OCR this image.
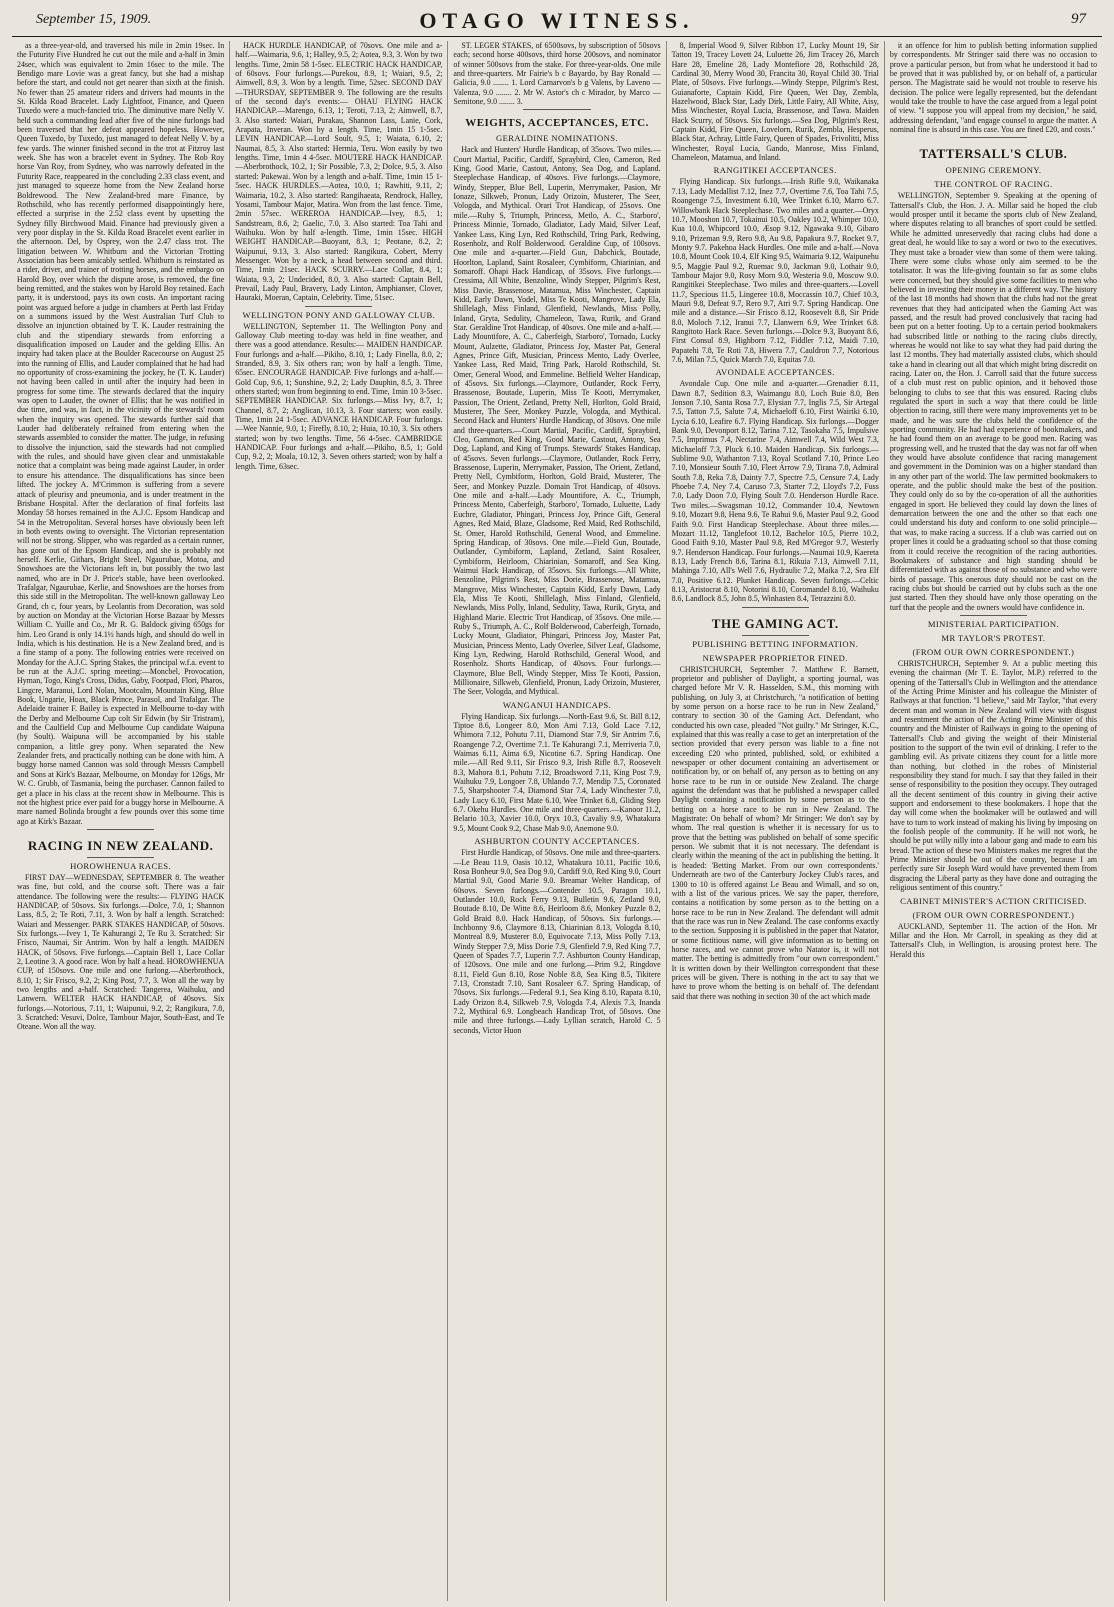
September 15, 1909.	OTAGO WITNESS.	97

as a three-year-old, and traversed his mile in 2min 19sec. In the Futurity Five Hundred he cut out the mile and a-half in 3min 24sec, which was equivalent to 2min 16sec to the mile. The Bendigo mare Lovie was a great fancy, but she had a mishap before the start, and could not get nearer than sixth at the finish. No fewer than 25 amateur riders and drivers had mounts in the St. Kilda Road Bracelet. Lady Lightfoot, Finance, and Queen Tuxedo were a much-fancied trio. The diminutive mare Nelly V. held such a commanding lead after five of the nine furlongs had been traversed that her defeat appeared hopeless. However, Queen Tuxedo, by Tuxedo, just managed to defeat Nelly V. by a few yards. The winner finished second in the trot at Fitzroy last week. She has won a bracelet event in Sydney. The Rob Roy horse Van Roy, from Sydney, who was narrowly defeated in the Futurity Race, reappeared in the concluding 2.33 class event, and just managed to squeeze home from the New Zealand horse Boldrewood. The New Zealand-bred mare Finance, by Rothschild, who has recently performed disappointingly here, effected a surprise in the 2.52 class event by upsetting the Sydney filly Birchwood Maid. Finance had previously given a very poor display in the St. Kilda Road Bracelet event earlier in the afternoon. Del, by Osprey, won the 2.47 class trot. The litigation between W. Whitburn and the Victorian Trotting Association has been amicably settled. Whitburn is reinstated as a rider, driver, and trainer of trotting horses, and the embargo on Harold Boy, over which the dispute arose, is removed, the fine being remitted, and the stakes won by Harold Boy retained. Each party, it is understood, pays its own costs. An important racing point was argued before a judge in chambers at Perth last Friday on a summons issued by the West Australian Turf Club to dissolve an injunction obtained by T. K. Lauder restraining the club and the stipendiary stewards from enforcing a disqualification imposed on Lauder and the gelding Ellis. An inquiry had taken place at the Boulder Racecourse on August 25 into the running of Ellis, and Lauder complained that he had had no opportunity of cross-examining the jockey, he (T. K. Lauder) not having been called in until after the inquiry had been in progress for some time. The stewards declared that the inquiry was open to Lauder, the owner of Ellis; that he was notified in due time, and was, in fact, in the vicinity of the stewards' room when the inquiry was opened. The stewards further said that Lauder had deliberately refrained from entering when the stewards assembled to consider the matter. The judge, in refusing to dissolve the injunction, said the stewards had not complied with the rules, and should have given clear and unmistakable notice that a complaint was being made against Lauder, in order to ensure his attendance. The disqualifications has since been lifted. The jockey A. M'Crimmon is suffering from a severe attack of pleurisy and pneumonia, and is under treatment in the Brisbane Hospital. After the declaration of final forfeits last Monday 58 horses remained in the A.J.C. Epsom Handicap and 54 in the Metropolitan. Several horses have obviously been left in both events owing to oversight. The Victorian representation will not be strong. Slipper, who was regarded as a certain runner, has gone out of the Epsom Handicap, and she is probably not herself. Kerlie, Githars, Bright Steel, Ngaurubae, Motoa, and Snowshoes are the Victorians left in, but possibly the two last named, who are in Dr J. Price's stable, have been overlooked. Trafalgar, Ngaurubae, Kerlie, and Snowshoes are the horses from this side still in the Metropolitan. The well-known galloway Leo Grand, ch c, four years, by Leolantis from Decoration, was sold by auction on Monday at the Victorian Horse Bazaar by Messrs William C. Yuille and Co., Mr R. G. Baldock giving 650gs for him. Leo Grand is only 14.1½ hands high, and should do well in India, which is his destination. He is a New Zealand bred, and is a fine stamp of a pony. The following entries were received on Monday for the A.J.C. Spring Stakes, the principal w.f.a. event to be run at the A.J.C. spring meeting:—Moncbel, Provocation, Hyman, Togo, King's Cross, Didus, Gaby, Footpad, Flori, Pharos, Lingcre, Maranui, Lord Nolan, Mootcalm, Mountain King, Blue Book, Ungarie, Hoax, Black Prince, Parasol, and Trafalgar. The Adelaide trainer F. Bailey is expected in Melbourne to-day with the Derby and Melbourne Cup colt Sir Edwin (by Sir Tristram), and the Caulfield Cup and Melbourne Cup candidate Waipuna (by Soult). Waipuna will be accompanied by his stable companion, a little grey pony. When separated the New Zealander frets, and practically nothing can be done with him. A buggy horse named Cannon was sold through Messrs Campbell and Sons at Kirk's Bazaar, Melbourne, on Monday for 126gs, Mr W. C. Grubb, of Tasmania, being the purchaser. Cannon failed to get a place in his class at the recent show in Melbourne. This is not the highest price ever paid for a buggy horse in Melbourne. A mare named Bolinda brought a few pounds over this some time ago at Kirk's Bazaar.

RACING IN NEW ZEALAND.
HOROWHENUA RACES.

FIRST DAY—WEDNESDAY, SEPTEMBER 8. The weather was fine, but cold, and the course soft. There was a fair attendance. The following were the results:— FLYING HACK HANDICAP, of 50sovs. Six furlongs.—Dolce, 7.0, 1; Shannon Lass, 8.5, 2; Te Roti, 7.11, 3. Won by half a length. Scratched: Waiari and Messenger. PARK STAKES HANDICAP, of 50sovs. Six furlongs.—Ivey 1, Te Kahurangi 2, Te Ru 3. Scratched: Sir Frisco, Naumai, Sir Antrim. Won by half a length. MAIDEN HACK, of 50sovs. Five furlongs.—Captain Bell 1, Lace Collar 2, Leotine 3. A good race. Won by half a head. HOROWHENUA CUP, of 150sovs. One mile and one furlong.—Aberbrothock, 8.10, 1; Sir Frisco, 9.2, 2; King Post, 7.7, 3. Won all the way by two lengths and a-half. Scratched: Tangerea, Waihuku, and Lanwern. WELTER HACK HANDICAP, of 40sovs. Six furlongs.—Notorious, 7.11, 1; Waipunui, 9.2, 2; Rangikura, 7.8, 3. Scratched: Vesuvi, Dolce, Tambour Major, South-East, and Te Oteane. Won all the way.

HACK HURDLE HANDICAP, of 70sovs. One mile and a-half.—Waimaria, 9.6, 1; Halley, 9.5, 2; Aotea, 9.3, 3. Won by two lengths. Time, 2min 58 1-5sec. ELECTRIC HACK HANDICAP, of 60sovs. Four furlongs.—Purekou, 8.9, 1; Waiari, 9.5, 2; Aimwell, 8.9, 3. Won by a length. Time, 52sec. SECOND DAY—THURSDAY, SEPTEMBER 9. The following are the results of the second day's events:— OHAU FLYING HACK HANDICAP.—Marengo, 6.13, 1; Teroti, 7.13, 2; Aimwell, 8.7, 3. Also started: Waiari, Purakau, Shannon Lass, Lanie, Cork, Arapata, Inveran. Won by a length. Time, 1min 15 1-5sec. LEVIN HANDICAP.—Lord Soult, 9.5, 1; Waiata, 6.10, 2; Naumai, 8.5, 3. Also started: Hermia, Teru. Won easily by two lengths. Time, 1min 4 4-5sec. MOUTERE HACK HANDICAP.—Aberbrothock, 10.2, 1; Sir Possible, 7.3, 2; Dolce, 9.5, 3. Also started: Pukewai. Won by a length and a-half. Time, 1min 15 1-5sec. HACK HURDLES.—Aotea, 10.0, 1; Rawhiti, 9.11, 2; Waimaria, 10.2, 3. Also started: Rangihaeata, Rendrock, Halley, Yosami, Tambour Major, Matira. Won from the last fence. Time, 2min 57sec. WEREROA HANDICAP.—Ivey, 8.5, 1; Sandstream, 8.6, 2; Gaelic, 7.0, 3. Also started: Toa Tahi and Waihuku. Won by half a-length. Time, 1min 15sec. HIGH WEIGHT HANDICAP.—Buoyant, 8.3, 1; Peotane, 8.2, 2; Waipunui, 9.13, 3. Also started: Rangikura, Cobert, Merry Messenger. Won by a neck, a head between second and third. Time, 1min 21sec. HACK SCURRY.—Lace Collar, 8.4, 1; Waiata, 9.3, 2; Undecided, 8.0, 3. Also started: Captain Bell, Prevail, Lady Paul, Bravery, Lady Linton, Amphianser, Clover, Hauraki, Moeran, Captain, Celebrity. Time, 51sec.

WELLINGTON PONY AND GALLOWAY CLUB.

WELLINGTON, September 11. The Wellington Pony and Galloway Club meeting to-day was held in fine weather, and there was a good attendance. Results:— MAIDEN HANDICAP. Four furlongs and a-half.—Pikiho, 8.10, 1; Lady Finella, 8.0, 2; Stranded, 8.9, 3. Six others ran; won by half a length. Time, 65sec. ENCOURAGE HANDICAP. Five furlongs and a-half.—Gold Cup, 9.6, 1; Sunshine, 9.2, 2; Lady Dauphin, 8.5, 3. Three others started; won from beginning to end. Time, 1min 10 3-5sec. SEPTEMBER HANDICAP. Six furlongs.—Miss Ivy, 8.7, 1; Channel, 8.7, 2; Anglican, 10.13, 3. Four starters; won easily. Time, 1min 24 1-5sec. ADVANCE HANDICAP. Four furlongs.—Wee Nannie, 9.0, 1; Firefly, 8.10, 2; Huia, 10.10, 3. Six others started; won by two lengths. Time, 56 4-5sec. CAMBRIDGE HANDICAP. Four furlongs and a-half.—Pikiho, 8.5, 1; Gold Cup, 9.2, 2; Moala, 10.12, 3. Seven others started; won by half a length. Time, 63sec.

ST. LEGER STAKES, of 6500sovs, by subscription of 50sovs each; second horse 400sovs, third horse 200sovs, and nominator of winner 500sovs from the stake. For three-year-olds. One mile and three-quarters. Mr Fairie's b c Bayardo, by Bay Ronald —Galicia, 9.0 ........ 1. Lord Carnarvon's b g Valens, by Laveno —Valenza, 9.0 ........ 2. Mr W. Astor's ch c Mirador, by Marco —Semitone, 9.0 ........ 3.

WEIGHTS, ACCEPTANCES, ETC.
GERALDINE NOMINATIONS.

Hack and Hunters' Hurdle Handicap, of 35sovs. Two miles.—Court Martial, Pacific, Cardiff, Spraybird, Cleo, Cameron, Red King, Good Marie, Castout, Antony, Sea Dog, and Lapland. Steeplechase Handicap, of 40sovs. Five furlongs.—Claymore, Windy, Stepper, Blue Bell, Luperin, Merrymaker, Pasion, Mr Ionaze, Silkweb, Pronun, Lady Orizoin, Musterer, The Seer, Vologda, and Mythical. Orari Trot Handicap, of 25sovs. One mile.—Ruby S, Triumph, Princess, Metlo, A. C., Starboro', Princess Minnie, Tornado, Gladiator, Lady Maid, Silver Leaf, Yankee Lass, King Lyn, Red Rothschild, Tring Park, Redwing, Rosenholz, and Rolf Bolderwood. Geraldine Cup, of 100sovs. One mile and a-quarter.—Field Gun, Dabchick, Boutade, Hoorlton, Lapland, Saint Rosaleer, Cymbiform, Chiarinian, and Somaroff. Ohapi Hack Handicap, of 35sovs. Five furlongs.—Cressima, All White, Benzoline, Windy Stepper, Pilgrim's Rest, Miss Davie, Brassenose, Matamua, Miss Winchester, Captain Kidd, Early Dawn, Yodel, Miss Te Kooti, Mangrove, Lady Ela, Shillelagh, Miss Finland, Glenfield, Newlands, Miss Polly, Inland, Gryta, Sedulity, Chameleon, Tawa, Rurik, and Grand Star. Geraldine Trot Handicap, of 40sovs. One mile and a-half.—Lady Mountifore, A. C., Caberfeigh, Starboro', Tornado, Lucky Mount, Aulzette, Gladiator, Princess Joy, Master Pat, General Agnes, Prince Gift, Musician, Princess Mento, Lady Overlee, Yankee Lass, Red Maid, Tring Park, Harold Rothschild, St. Omer, General Wood, and Emmeline. Belfield Welter Handicap, of 45sovs. Six furlongs.—Claymore, Outlander, Rock Ferry, Brassenose, Boutade, Luperin, Miss Te Kooti, Merrymaker, Passion, The Orient, Zetland, Pretty Nell, Horlton, Gold Braid, Musterer, The Seer, Monkey Puzzle, Vologda, and Mythical. Second Hack and Hunters' Hurdle Handicap, of 30sovs. One mile and three-quarters.—Court Martial, Pacific, Cardiff, Spraybird, Cleo, Gammon, Red King, Good Marie, Castout, Antony, Sea Dog, Lapland, and King of Trumps. Stewards' Stakes Handicap, of 45sovs. Seven furlongs.—Claymore, Outlander, Rock Ferry, Brassenose, Luperin, Merrymaker, Passion, The Orient, Zetland, Pretty Nell, Cymbiform, Horlton, Gold Braid, Musterer, The Seer, and Monkey Puzzle. Domain Trot Handicap, of 40sovs. One mile and a-half.—Lady Mountifore, A. C., Triumph, Princess Mento, Caberfeigh, Starboro', Tornado, Luluette, Lady Euchre, Gladiator, Phingari, Princess Joy, Prince Gift, General Agnes, Red Maid, Blaze, Gladsome, Red Maid, Red Rothschild, St. Omer, Harold Rothschild, General Wood, and Emmeline. Spring Handicap, of 30sovs. One mile.—Field Gun, Boutade, Outlander, Cymbiform, Lapland, Zetland, Saint Rosaleer, Cymbiform, Heirloom, Chiarinian, Somaroff, and Sea King. Waimui Hack Handicap, of 35sovs. Six furlongs.—All White, Benzoline, Pilgrim's Rest, Miss Dorie, Brassenose, Matamua, Mangrove, Miss Winchester, Captain Kidd, Early Dawn, Lady Ela, Miss Te Kooti, Shillelagh, Miss Finland, Glenfield, Newlands, Miss Polly, Inland, Sedulity, Tawa, Rurik, Gryta, and Highland Marie. Electric Trot Handicap, of 35sovs. One mile.—Ruby S., Triumph, A. C., Rolf Bolderwood, Caberfeigh, Tornado, Lucky Mount, Gladiator, Phingari, Princess Joy, Master Pat, Musician, Princess Mento, Lady Overlee, Silver Leaf, Gladsome, King Lyn, Redwing, Harold Rothschild, General Wood, and Rosenholz. Shorts Handicap, of 40sovs. Four furlongs.—Claymore, Blue Bell, Windy Stepper, Miss Te Kooti, Passion, Millionaire, Silkweb, Glenfield, Pronun, Lady Orizoin, Musterer, The Seer, Vologda, and Mythical.

WANGANUI HANDICAPS.

Flying Handicap. Six furlongs.—North-East 9.6, St. Bill 8.12, Tiptoe 8.6, Longeer 8.0, Mon Ami 7.13, Gold Lace 7.12, Whimora 7.12, Pohutu 7.11, Diamond Star 7.9, Sir Antrim 7.6, Roangenge 7.2, Overtime 7.1. Te Kahurangi 7.1, Merriveria 7.0, Waimas 6.11, Aima 6.9, Nicotine 6.7. Spring Handicap. One mile.—All Red 9.11, Sir Frisco 9.3, Irish Rifle 8.7, Roosevelt 8.3, Mahora 8.1, Pohutu 7.12, Broadsword 7.11, King Post 7.9, Waihuku 7.9, Longoer 7.8, Uhlando 7.7, Mendip 7.5, Coronated 7.5, Sharpshooter 7.4, Diamond Star 7.4, Lady Winchester 7.0, Lady Lucy 6.10, First Mate 6.10, Wee Trinket 6.8, Gliding Step 6.7. Okehu Hurdles. One mile and three-quarters.—Kanoor 11.2, Belario 10.3, Xavier 10.0, Oryx 10.3, Cavaliy 9.9, Whatakura 9.5, Mount Cook 9.2, Chase Mab 9.0, Anemone 9.0.

ASHBURTON COUNTY ACCEPTANCES.

First Hurdle Handicap, of 50sovs. One mile and three-quarters.—Le Beau 11.9, Oasis 10.12, Whatakura 10.11, Pacific 10.6, Rosa Bonheur 9.0, Sea Dog 9.0, Cardiff 9.0, Red King 9.0, Court Martial 9.0, Good Marie 9.0. Breamar Welter Handicap, of 60sovs. Seven furlongs.—Contender 10.5, Paragon 10.1, Outlander 10.0, Rock Ferry 9.13, Bulletin 9.6, Zetland 9.0, Boutade 8.10, De Witte 8.6, Heirloom 8.6, Monkey Puzzle 8.2, Gold Braid 8.0. Hack Handicap, of 50sovs. Six furlongs.—Inchbonny 9.6, Claymore 8.13, Chiarinian 8.13, Vologda 8.10, Montreal 8.9, Musterer 8.0, Equivocate 7.13, Miss Polly 7.13, Windy Stepper 7.9, Miss Dorie 7.9, Glenfield 7.9, Red King 7.7, Queen of Spades 7.7, Luperin 7.7. Ashburton County Handicap, of 120sovs. One mile and one furlong.—Prim 9.2, Ringdove 8.11, Field Gun 8.10, Rose Noble 8.8, Sea King 8.5, Tikitere 7.13, Cronstadt 7.10, Sant Rosaleer 6.7. Spring Handicap, of 70sovs. Six furlongs.—Federal 9.1, Sea King 8.10, Rapata 8.10, Lady Orizon 8.4, Silkweb 7.9, Vologda 7.4, Alexis 7.3, Inanda 7.2, Mythical 6.9. Longbeach Handicap Trot, of 50sovs. One mile and three furlongs.—Lady Lyllian scratch, Harold C. 5 seconds, Victor Huon

8, Imperial Wood 9, Silver Ribbon 17, Lucky Mount 19, Sir Tatton 19, Tracey Lovett 24, Luluette 26, Jim Tracey 26, March Hare 28, Emeline 28, Lady Montefiore 28, Rothschild 28, Cardinal 30, Merry Wood 30, Francita 30, Royal Child 30. Trial Plate, of 50sovs. Five furlongs.—Windy Steppe, Pilgrim's Rest, Guianaforte, Captain Kidd, Fire Queen, Wet Day, Zembla, Hazelwood, Black Star, Lady Dirk, Little Fairy, All White, Aisy, Miss Winchester, Royal Lucia, Brassenose, and Tawa. Maiden Hack Scurry, of 50sovs. Six furlongs.—Sea Dog, Pilgrim's Rest, Captain Kidd, Fire Queen, Lovelorn, Rurik, Zembla, Hesperus, Black Star, Achray, Little Fairy, Queen of Spades, Frivolitti, Miss Winchester, Royal Lucia, Gando, Manrose, Miss Finland, Chameleon, Matamua, and Inland.

RANGITIKEI ACCEPTANCES.

Flying Handicap. Six furlongs.—Irish Rifle 9.0, Waikanaka 7.13, Lady Medallist 7.12, Inez 7.7, Overtime 7.6, Toa Tahi 7.5, Roangenge 7.5, Investment 6.10, Wee Trinket 6.10, Marro 6.7. Willowbank Hack Steeplechase. Two miles and a quarter.—Oryx 10.7, Mooshon 10.7, Tokainui 10.5, Oakley 10.2, Whimper 10.0, Kua 10.0, Whipcord 10.0, Æsop 9.12, Ngawaka 9.10, Gibaro 9.10, Prizeman 9.9, Rero 9.8, Au 9.8, Papakura 9.7, Rocket 9.7, Monty 9.7. Pakehoa Hack Hurdles. One mile and a-half.—Nova 10.8, Mount Cook 10.4, Elf King 9.5, Waimaria 9.12, Waipunehu 9.5, Maggie Paul 9.2, Ruemac 9.0, Jackman 9.0, Lothair 9.0, Tambour Major 9.0, Rosy Morn 9.0, Westeria 9.0, Moscow 9.0. Rangitikei Steeplechase. Two miles and three-quarters.—Lovell 11.7, Specious 11.5, Lingeree 10.8, Moccassin 10.7, Chief 10.3, Mauri 9.8, Defeat 9.7, Rero 9.7, Atri 9.7. Spring Handicap. One mile and a distance.—Sir Frisco 8.12, Roosevelt 8.8, Sir Pride 8.0, Moloch 7.12, Iranui 7.7, Llanwern 6.9, Wee Trinket 6.8. Rangitoto Hack Race. Seven furlongs.—Dolce 9.3, Buoyant 8.6, First Consul 8.9, Highborn 7.12, Fiddler 7.12, Maidi 7.10, Papatehi 7.8, Te Roti 7.8, Hiwera 7.7, Cauldron 7.7, Notorious 7.6, Milan 7.5, Quick March 7.0, Equitas 7.0.

AVONDALE ACCEPTANCES.

Avondale Cup. One mile and a-quarter.—Grenadier 8.11, Dawn 8.7, Sedition 8.3, Waimangu 8.0, Loch Buie 8.0, Ben Jonson 7.10, Santa Rosa 7.7, Elysian 7.7, Inglis 7.5, Sir Artegal 7.5, Tatton 7.5, Salute 7.4, Michaeloff 6.10, First Wairiki 6.10, Lycia 6.10, Leafire 6.7. Flying Handicap. Six furlongs.—Dogger Bank 9.0, Devonport 8.12, Tarina 7.12, Tasokaha 7.5, Impulsive 7.5, Imprimus 7.4, Nectarine 7.4, Aimwell 7.4, Wild West 7.3, Michaeloff 7.3, Pluck 6.10. Maiden Handicap. Six furlongs.—Sublime 9.0, Wathanton 7.13, Royal Scotland 7.10, Prince Leo 7.10, Monsieur South 7.10, Fleet Arrow 7.9, Tirana 7.8, Admiral South 7.8, Reka 7.8, Dainty 7.7, Spectre 7.5, Censure 7.4, Lady Phoebe 7.4, Ney 7.4, Caruso 7.3, Starter 7.2, Lloyd's 7.2, Fuss 7.0, Lady Doon 7.0, Flying Soult 7.0. Henderson Hurdle Race. Two miles.—Swagsman 10.12, Commander 10.4, Newtown 9.10, Mozart 9.8, Hena 9.6, Te Rahui 9.6, Master Paul 9.2, Good Faith 9.0. First Handicap Steeplechase. About three miles.—Mozart 11.12, Tanglefoot 10.12, Bachelor 10.5, Pierre 10.2, Good Faith 9.10, Master Paul 9.8, Red M'Gregor 9.7, Westerly 9.7. Henderson Handicap. Four furlongs.—Naumai 10.9, Kaereta 8.13, Lady French 8.6, Tarina 8.1, Rikuia 7.13, Aimwell 7.11, Mahinga 7.10, All's Well 7.6, Hydraulic 7.2, Maika 7.2, Sea Elf 7.0, Positive 6.12. Plunket Handicap. Seven furlongs.—Celtic 8.13, Aristocrat 8.10, Notorini 8.10, Coromandel 8.10, Waihuku 8.6, Landlock 8.5, John 8.5, Winhasten 8.4, Tetrazzini 8.0.

THE GAMING ACT.
PUBLISHING BETTING INFORMATION.
NEWSPAPER PROPRIETOR FINED.

CHRISTCHURCH, September 7. Matthew F. Barnett, proprietor and publisher of Daylight, a sporting journal, was charged before Mr V. R. Hasselden, S.M., this morning with publishing, on July 3, at Christchurch, "a notification of betting by some person on a horse race to be run in New Zealand," contrary to section 30 of the Gaming Act. Defendant, who conducted his own case, pleaded "Not guilty." Mr Stringer, K.C., explained that this was really a case to get an interpretation of the section provided that every person was liable to a fine not exceeding £20 who printed, published, sold, or exhibited a newspaper or other document containing an advertisement or notification by, or on behalf of, any person as to betting on any horse race to be run in or outside New Zealand. The charge against the defendant was that he published a newspaper called Daylight containing a notification by some person as to the betting on a horse race to be run in New Zealand. The Magistrate: On behalf of whom? Mr Stringer: We don't say by whom. The real question is whether it is necessary for us to prove that the betting was published on behalf of some specific person. We submit that it is not necessary. The defendant is clearly within the meaning of the act in publishing the betting. It is headed: 'Betting Market. From our own correspondents.' Underneath are two of the Canterbury Jockey Club's races, and 1300 to 10 is offered against Le Beau and Wimall, and so on, with a list of the various prices. We say the paper, therefore, contains a notification by some person as to the betting on a horse race to be run in New Zealand. The defendant will admit that the race was run in New Zealand. The case conforms exactly to the section. Supposing it is published in the paper that Natator, or some fictitious name, will give information as to betting on horse races, and we cannot prove who Natator is, it will not matter. The betting is admittedly from "our own correspondent." It is written down by their Wellington correspondent that these prices will be given. There is nothing in the act to say that we have to prove whom the betting is on behalf of. The defendant said that there was nothing in section 30 of the act which made

it an offence for him to publish betting information supplied by correspondents. Mr Stringer said there was no occasion to prove a particular person, but from what he understood it had to be proved that it was published by, or on behalf of, a particular person. The Magistrate said he would not trouble to reserve his decision. The police were legally represented, but the defendant would take the trouble to have the case argued from a legal point of view. "I suppose you will appeal from my decision," he said, addressing defendant, "and engage counsel to argue the matter. A nominal fine is absurd in this case. You are fined £20, and costs."

TATTERSALL'S CLUB.
OPENING CEREMONY.
THE CONTROL OF RACING.

WELLINGTON, September 9. Speaking at the opening of Tattersall's Club, the Hon. J. A. Millar said he hoped the club would prosper until it became the sports club of New Zealand, where disputes relating to all branches of sport could be settled. While he admitted unreservedly that racing clubs had done a great deal, he would like to say a word or two to the executives. They must take a broader view than some of them were taking. There were some clubs whose only aim seemed to be the totalisator. It was the life-giving fountain so far as some clubs were concerned, but they should give some facilities to men who believed in investing their money in a different way. The history of the last 18 months had shown that the clubs had not the great revenues that they had anticipated when the Gaming Act was passed, and the result had proved conclusively that racing had been put on a better footing. Up to a certain period bookmakers had subscribed little or nothing to the racing clubs directly, whereas he would not like to say what they had paid during the last 12 months. They had materially assisted clubs, which should take a hand in clearing out all that which might bring discredit on racing. Later on, the Hon. J. Carroll said that the future success of a club must rest on public opinion, and it behoved those belonging to clubs to see that this was ensured. Racing clubs regulated the sport in such a way that there could be little objection to racing, still there were many improvements yet to be made, and he was sure the clubs held the confidence of the sporting community. He had had experience of bookmakers, and he had found them on an average to be good men. Racing was progressing well, and he trusted that the day was not far off when they would have absolute confidence that racing management and government in the Dominion was on a higher standard than in any other part of the world. The law permitted bookmakers to operate, and the public should make the best of the position. They could only do so by the co-operation of all the authorities engaged in sport. He believed they could lay down the lines of demarcation between the one and the other so that each one could understand his duty and conform to one solid principle—that was, to make racing a success. If a club was carried out on proper lines it could be a graduating school so that those coming from it could receive the recognition of the racing authorities. Bookmakers of substance and high standing should be differentiated with as against those of no substance and who were birds of passage. This onerous duty should not be cast on the racing clubs but should be carried out by clubs such as the one just started. Then they should have only those operating on the turf that the people and the owners would have confidence in.

MINISTERIAL PARTICIPATION.
MR TAYLOR'S PROTEST.
(FROM OUR OWN CORRESPONDENT.)

CHRISTCHURCH, September 9. At a public meeting this evening the chairman (Mr T. E. Taylor, M.P.) referred to the opening of the Tattersall's Club in Wellington and the attendance of the Acting Prime Minister and his colleague the Minister of Railways at that function. "I believe," said Mr Taylor, "that every decent man and woman in New Zealand will view with disgust and resentment the action of the Acting Prime Minister of this country and the Minister of Railways in going to the opening of Tattersall's Club and giving the weight of their Ministerial position to the support of the twin evil of drinking. I refer to the gambling evil. As private citizens they count for a little more than nothing, but clothed in the robes of Ministerial responsibility they stand for much. I say that they failed in their sense of responsibility to the position they occupy. They outraged all the decent sentiment of this country in giving their active support and endorsement to these bookmakers. I hope that the day will come when the bookmaker will be outlawed and will have to turn to work instead of making his living by imposing on the foolish people of the community. If he will not work, he should be put willy nilly into a labour gang and made to earn his bread. The action of these two Ministers makes me regret that the Prime Minister should be out of the country, because I am perfectly sure Sir Joseph Ward would have prevented them from disgracing the Liberal party as they have done and outraging the religious sentiment of this country."

CABINET MINISTER'S ACTION CRITICISED.
(FROM OUR OWN CORRESPONDENT.)

AUCKLAND, September 11. The action of the Hon. Mr Millar and the Hon. Mr Carroll, in speaking as they did at Tattersall's Club, in Wellington, is arousing protest here. The Herald this
